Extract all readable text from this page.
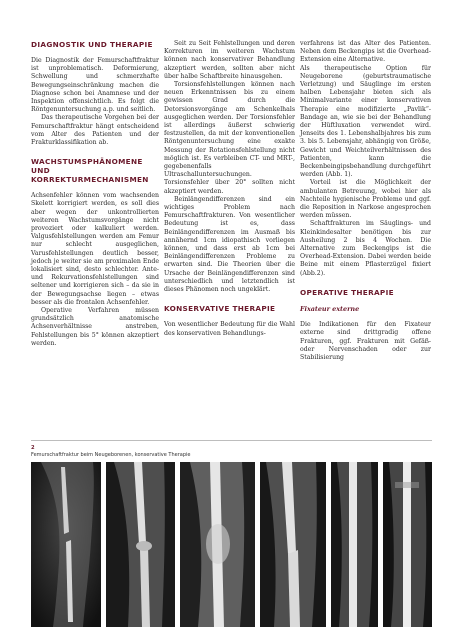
DIAGNOSTIK UND THERAPIE

Die Diagnostik der Femurschaftfraktur ist unproblematisch. Deformierung, Schwellung und schmerzhafte Bewegungseinschränkung machen die Diagnose schon bei Anamnese und der Inspektion offensichtlich. Es folgt die Röntgenuntersuchung a.p. und seitlich.

Das therapeutische Vorgehen bei der Femurschaftfraktur hängt entscheidend vom Alter des Patienten und der Frakturklassifikation ab.

WACHSTUMSPHÄNOMENE UND KORREKTURMECHANISMEN

Achsenfehler können vom wachsenden Skelett korrigiert werden, es soll dies aber wegen der unkontrollierten weiteren Wachstumsvorgänge nicht provoziert oder kalkuliert werden. Valgusfehlstellungen werden am Femur nur schlecht ausgeglichen, Varusfehlstellungen deutlich besser, jedoch je weiter sie am proximalen Ende lokalisiert sind, desto schlechter. Ante- und Rekurvationsfehlstellungen sind seltener und korrigieren sich – da sie in der Bewegungsachse liegen – etwas besser als die frontalen Achsenfehler.

Operative Verfahren müssen grundsätzlich anatomische Achsenverhältnisse anstreben, Fehlstellungen bis 5° können akzeptiert werden.

Seit zu Seit Fehlstellungen und deren Korrekturen im weiteren Wachstum können nach konservativer Behandlung akzeptiert werden, sollten aber nicht über halbe Schaftbreite hinausgehen.

Torsionsfehlstellungen können nach neuen Erkenntnissen bis zu einem gewissen Grad durch die Detorsionsvorgänge am Schenkelhals ausgeglichen werden. Der Torsionsfehler ist allerdings äußerst schwierig festzustellen, da mit der konventionellen Röntgenuntersuchung eine exakte Messung der Rotationsfehlstellung nicht möglich ist. Es verbleiben CT- und MRT-, gegebenenfalls Ultraschalluntersuchungen. Torsionsfehler über 20° sollten nicht akzeptiert werden.

Beinlängendifferenzen sind ein wichtiges Problem nach Femurschaftfrakturen. Von wesentlicher Bedeutung ist es, dass Beinlängendifferenzen im Ausmaß bis annähernd 1cm idiopathisch vorliegen können, und dass erst ab 1cm bei Beinlängendifferenzen Probleme zu erwarten sind. Die Theorien über die Ursache der Beinlängendifferenzen sind unterschiedlich und letztendlich ist dieses Phänomen noch ungeklärt.

KONSERVATIVE THERAPIE

Von wesentlicher Bedeutung für die Wahl des konservativen Behandlungs-

verfahrens ist das Alter des Patienten. Neben dem Beckengips ist die Overhead-Extension eine Alternative.

Als therapeutische Option für Neugeborene (geburtstraumatische Verletzung) und Säuglinge im ersten halben Lebensjahr bieten sich als Minimalvariante einer konservativen Therapie eine modifizierte „Pavlik“-Bandage an, wie sie bei der Behandlung der Hüftluxation verwendet wird. Jenseits des 1. Lebenshalbjahres bis zum 3. bis 5. Lebensjahr, abhängig von Größe, Gewicht und Weichteilverhältnissen des Patienten, kann die Beckenbeingipsbehandlung durchgeführt werden (Abb. 1).

Vorteil ist die Möglichkeit der ambulanten Betreuung, wobei hier als Nachteile hygienische Probleme und ggf. die Reposition in Narkose angesprochen werden müssen.

Schaftfrakturen im Säuglings- und Kleinkindesalter benötigen bis zur Ausheilung 2 bis 4 Wochen. Die Alternative zum Beckengips ist die Overhead-Extension. Dabei werden beide Beine mit einem Pflasterzügel fixiert (Abb.2).

OPERATIVE THERAPIE
Fixateur externe

Die Indikationen für den Fixateur externe sind drittgradig offene Frakturen, ggf. Frakturen mit Gefäß- oder Nervenschaden oder zur Stabilisierung

2
Femurschaftfraktur beim Neugeborenen, konservative Therapie
